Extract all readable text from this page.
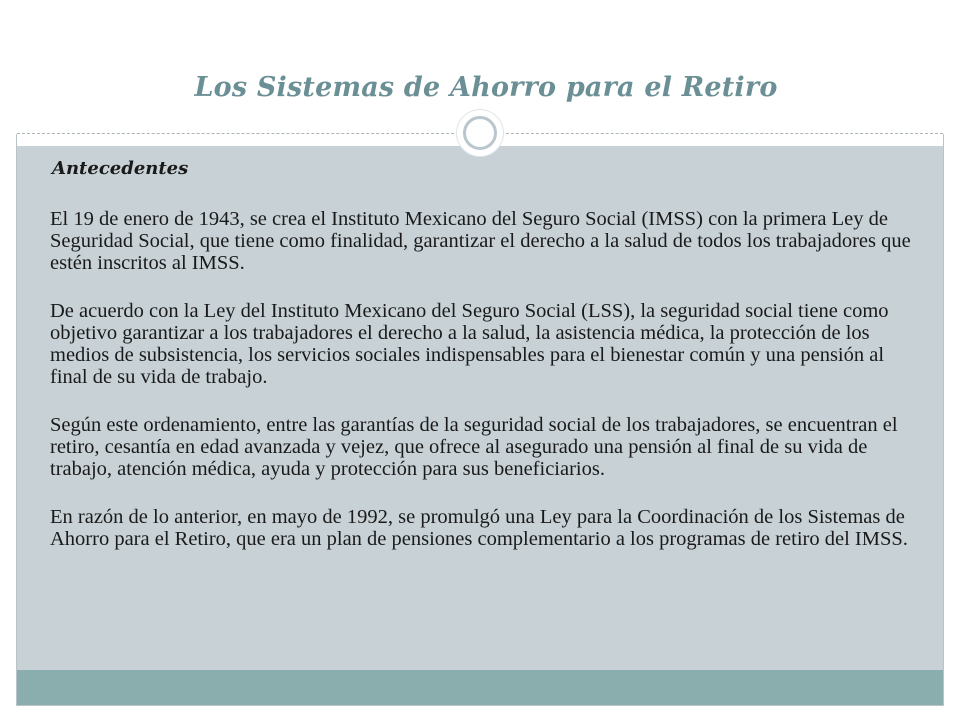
Los Sistemas de Ahorro para el Retiro

Antecedentes

El 19 de enero de 1943, se crea el Instituto Mexicano del Seguro Social (IMSS) con la primera Ley de Seguridad Social, que tiene como finalidad, garantizar el derecho a la salud de todos los trabajadores que estén inscritos al IMSS.

De acuerdo con la Ley del Instituto Mexicano del Seguro Social (LSS), la seguridad social tiene como objetivo garantizar a los trabajadores el derecho a la salud, la asistencia médica, la protección de los medios de subsistencia, los servicios sociales indispensables para el bienestar común y una pensión al final de su vida de trabajo.

Según este ordenamiento, entre las garantías de la seguridad social de los trabajadores, se encuentran el retiro, cesantía en edad avanzada y vejez, que ofrece al asegurado una pensión al final de su vida de trabajo, atención médica, ayuda y protección para sus beneficiarios.

En razón de lo anterior, en mayo de 1992, se promulgó una Ley para la Coordinación de los Sistemas de Ahorro para el Retiro, que era un plan de pensiones complementario a los programas de retiro del IMSS.
